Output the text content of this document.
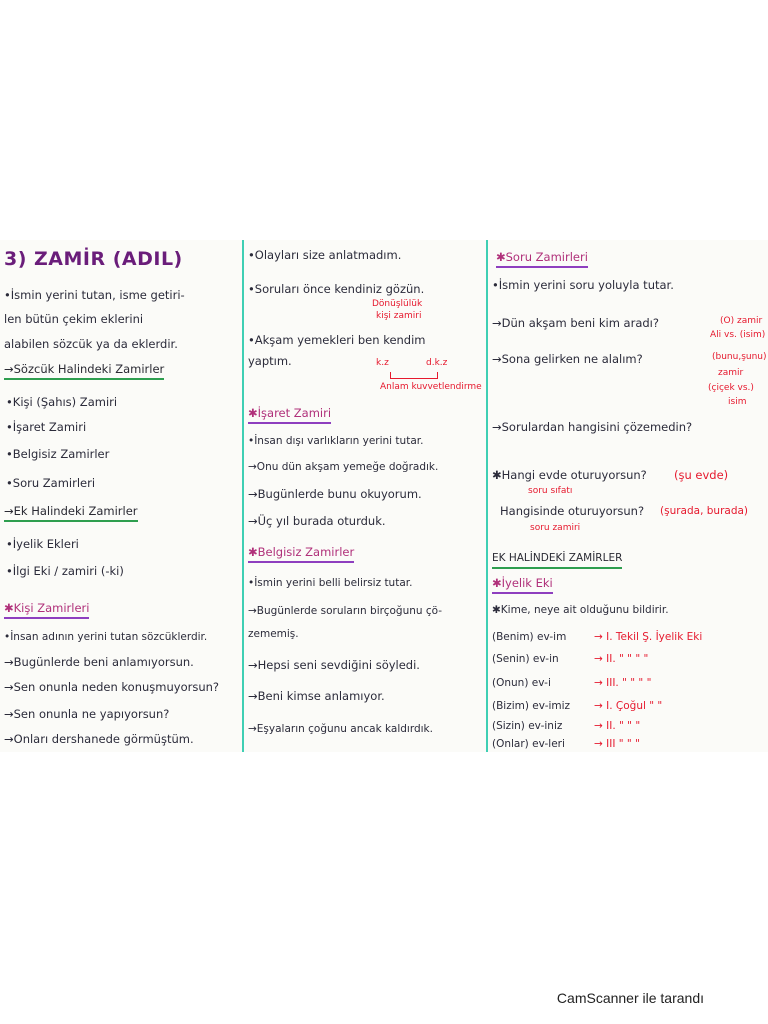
3) ZAMİR (ADIL)
•İsmin yerini tutan, isme getiri-
len bütün çekim eklerini
alabilen sözcük ya da eklerdir.
→Sözcük Halindeki Zamirler
•Kişi (Şahıs) Zamiri
•İşaret Zamiri
•Belgisiz Zamirler
•Soru Zamirleri
→Ek Halindeki Zamirler
•İyelik Ekleri
•İlgi Eki / zamiri (-ki)
✱Kişi Zamirleri
•İnsan adının yerini tutan sözcüklerdir.
→Bugünlerde beni anlamıyorsun.
→Sen onunla neden konuşmuyorsun?
→Sen onunla ne yapıyorsun?
→Onları dershanede görmüştüm.
•Olayları size anlatmadım.
•Soruları önce kendiniz gözün.
Dönüşlülük
kişi zamiri
•Akşam yemekleri ben kendim
yaptım.	k.z	d.k.z
Anlam kuvvetlendirme
✱İşaret Zamiri
•İnsan dışı varlıkların yerini tutar.
→Onu dün akşam yemeğe doğradık.
→Bugünlerde bunu okuyorum.
→Üç yıl burada oturduk.
✱Belgisiz Zamirler
•İsmin yerini belli belirsiz tutar.
→Bugünlerde soruların birçoğunu çö-
zememiş.
→Hepsi seni sevdiğini söyledi.
→Beni kimse anlamıyor.
→Eşyaların çoğunu ancak kaldırdık.
✱Soru Zamirleri
•İsmin yerini soru yoluyla tutar.
→Dün akşam beni kim aradı?	(O) zamir
Ali vs. (isim)
→Sona gelirken ne alalım?	(bunu,şunu)
zamir
(çiçek vs.)
isim
→Sorulardan hangisini çözemedin?
✱Hangi evde oturuyorsun? (şu evde)
soru sıfatı
Hangisinde oturuyorsun? (şurada, burada)
soru zamiri
EK HALİNDEKİ ZAMİRLER
✱İyelik Eki
✱Kime, neye ait olduğunu bildirir.
(Benim) ev-im	→ I. Tekil Ş. İyelik Eki
(Senin) ev-in	→ II. " " " "
(Onun) ev-i	→ III. " " " "
(Bizim) ev-imiz → I. Çoğul " "
(Sizin) ev-iniz	→ II. " " "
(Onlar) ev-leri	→ III " " "
CamScanner ile tarandı
